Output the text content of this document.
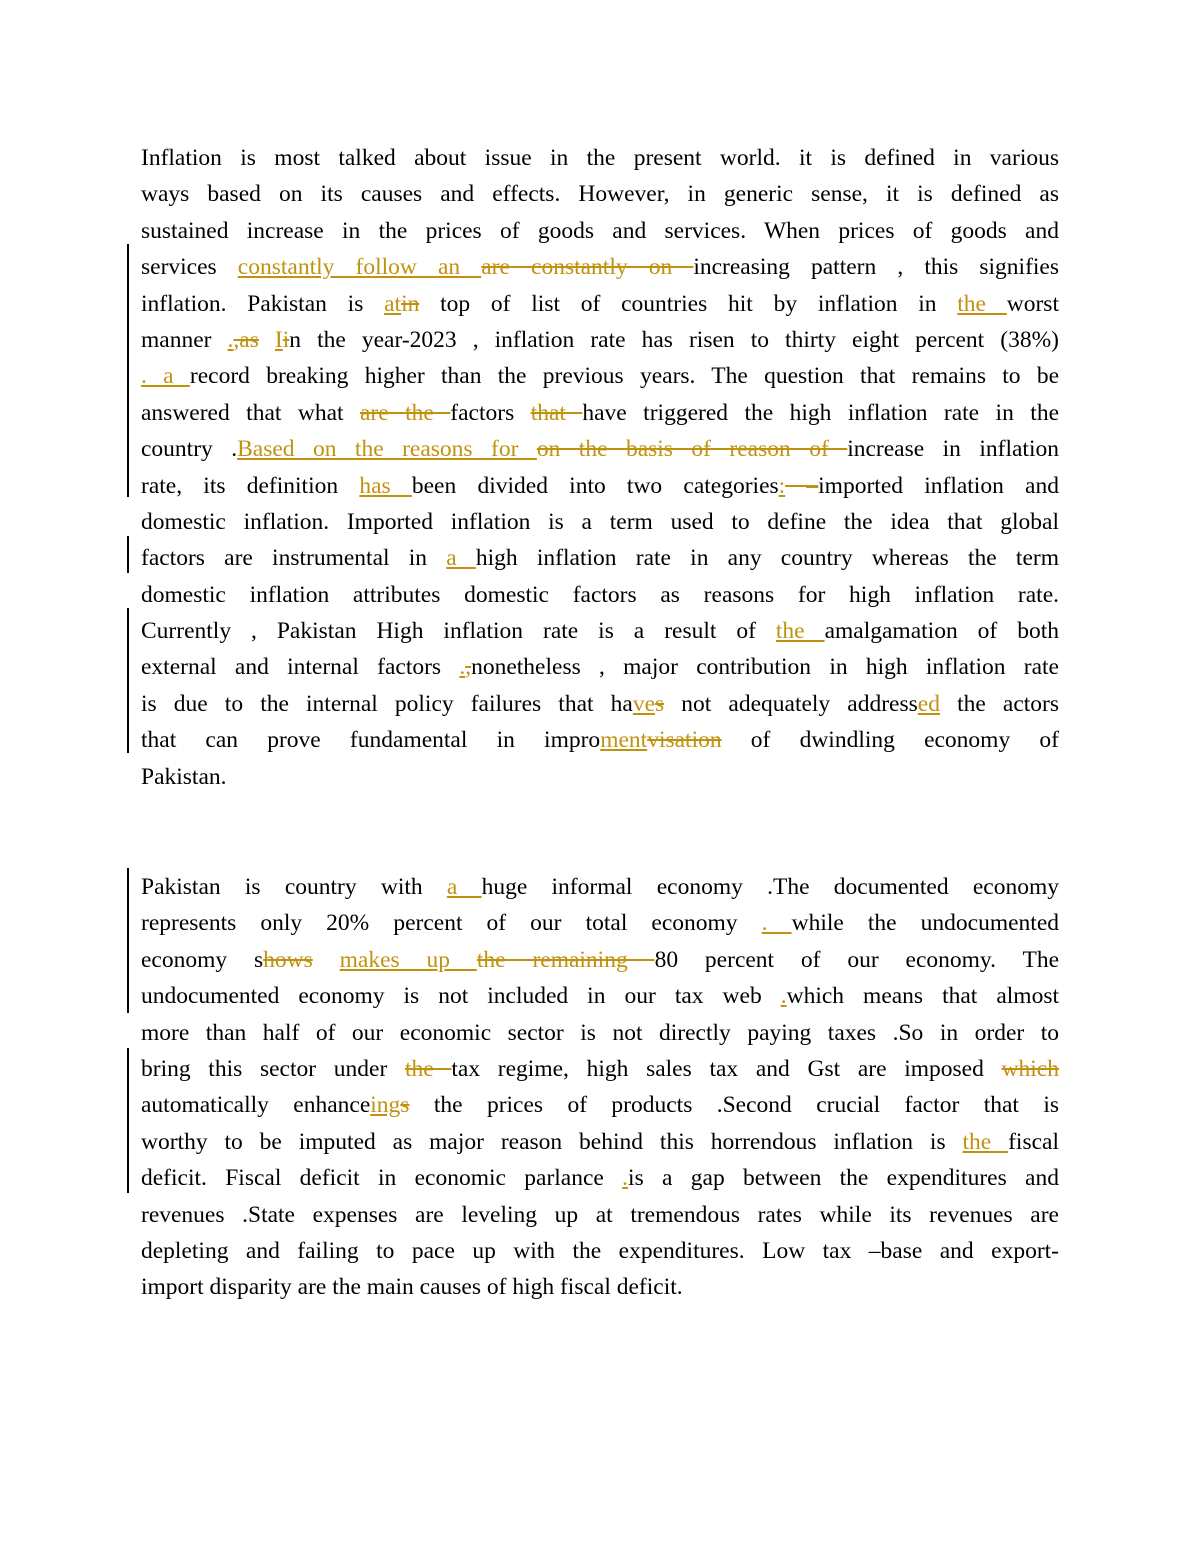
Inflation is most talked about issue in the present world. it is defined in various
ways based on its causes and effects. However, in generic sense, it is defined as
sustained increase in the prices of goods and services. When prices of goods and
services constantly follow an are constantly on increasing pattern , this signifies
inflation. Pakistan is atin top of list of countries hit by inflation in the worst
manner .,as Iin the year-2023 , inflation rate has risen to thirty eight percent (38%)
. a record breaking higher than the previous years. The question that remains to be
answered that what are the factors that have triggered the high inflation rate in the
country .Based on the reasons for on the basis of reason of increase in inflation
rate, its definition has been divided into two categories: –imported inflation and
domestic inflation. Imported inflation is a term used to define the idea that global
factors are instrumental in a high inflation rate in any country whereas the term
domestic inflation attributes domestic factors as reasons for high inflation rate.
Currently , Pakistan High inflation rate is a result of the amalgamation of both
external and internal factors .,nonetheless , major contribution in high inflation rate
is due to the internal policy failures that haves not adequately addressed the actors
that can prove fundamental in impromentvisation of dwindling economy of
Pakistan.
Pakistan is country with a huge informal economy .The documented economy
represents only 20% percent of our total economy . while the undocumented
economy shows makes up the remaining 80 percent of our economy. The
undocumented economy is not included in our tax web .which means that almost
more than half of our economic sector is not directly paying taxes .So in order to
bring this sector under the tax regime, high sales tax and Gst are imposed which
automatically enhanceings the prices of products .Second crucial factor that is
worthy to be imputed as major reason behind this horrendous inflation is the fiscal
deficit. Fiscal deficit in economic parlance .is a gap between the expenditures and
revenues .State expenses are leveling up at tremendous rates while its revenues are
depleting and failing to pace up with the expenditures. Low tax –base and export-
import disparity are the main causes of high fiscal deficit.
